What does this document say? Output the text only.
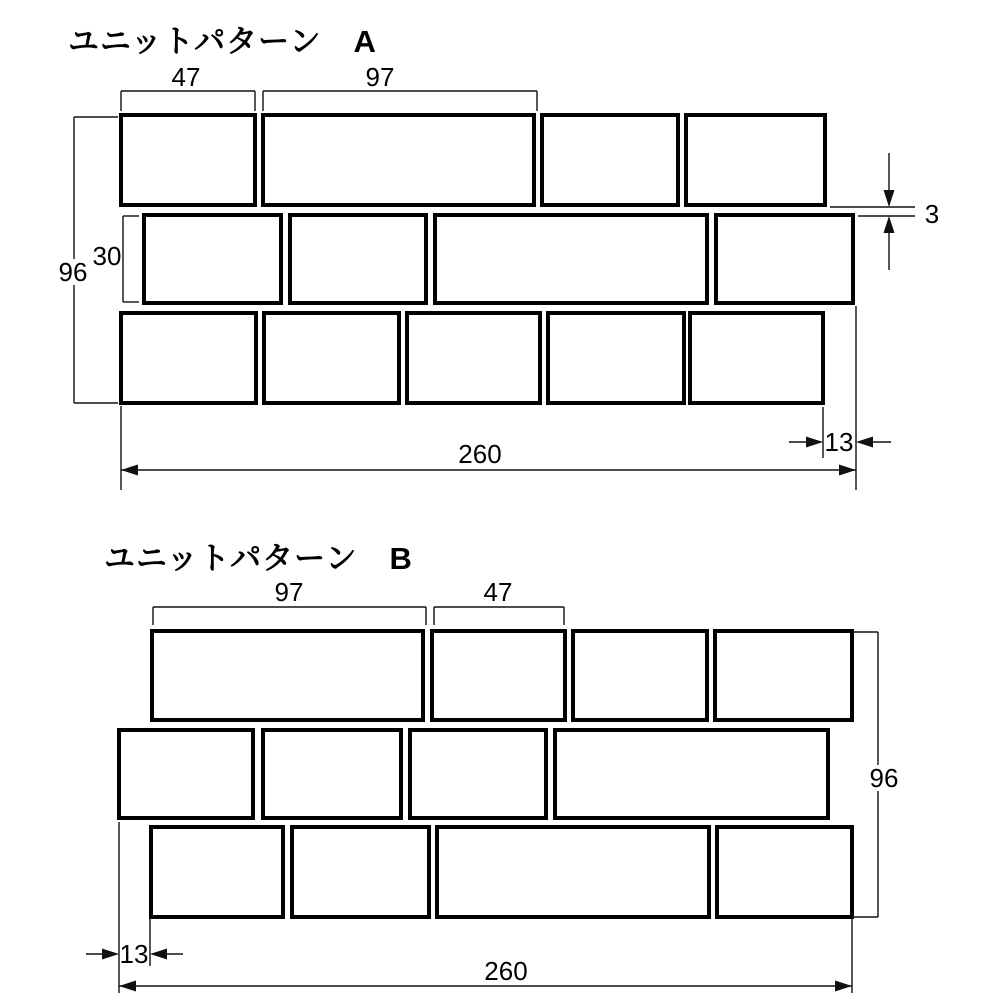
ユニットパターン　A
ユニットパターン　B
47	97
96
30
3
13
260
97	47
96
13
260
